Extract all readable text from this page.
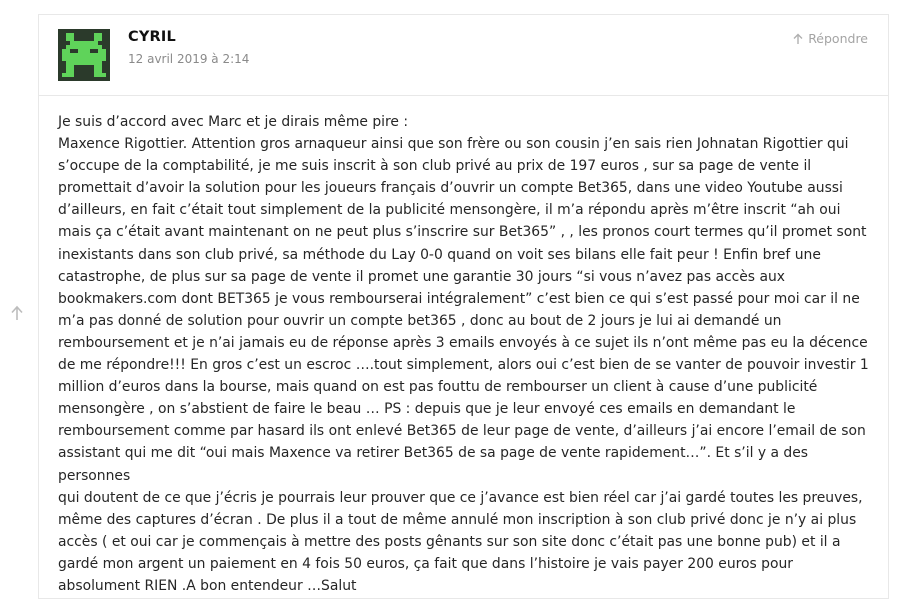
CYRIL
12 avril 2019 à 2:14
Répondre

Je suis d’accord avec Marc et je dirais même pire :

Maxence Rigottier. Attention gros arnaqueur ainsi que son frère ou son cousin j’en sais rien Johnatan Rigottier qui

s’occupe de la comptabilité, je me suis inscrit à son club privé au prix de 197 euros , sur sa page de vente il

promettait d’avoir la solution pour les joueurs français d’ouvrir un compte Bet365, dans une video Youtube aussi

d’ailleurs, en fait c’était tout simplement de la publicité mensongère, il m’a répondu après m’être inscrit “ah oui

mais ça c’était avant maintenant on ne peut plus s’inscrire sur Bet365” , , les pronos court termes qu’il promet sont

inexistants dans son club privé, sa méthode du Lay 0-0 quand on voit ses bilans elle fait peur ! Enfin bref une

catastrophe, de plus sur sa page de vente il promet une garantie 30 jours “si vous n’avez pas accès aux

bookmakers.com dont BET365 je vous rembourserai intégralement” c’est bien ce qui s’est passé pour moi car il ne

m’a pas donné de solution pour ouvrir un compte bet365 , donc au bout de 2 jours je lui ai demandé un

remboursement et je n’ai jamais eu de réponse après 3 emails envoyés à ce sujet ils n’ont même pas eu la décence

de me répondre!!! En gros c’est un escroc ….tout simplement, alors oui c’est bien de se vanter de pouvoir investir 1

million d’euros dans la bourse, mais quand on est pas fouttu de rembourser un client à cause d’une publicité

mensongère , on s’abstient de faire le beau … PS : depuis que je leur envoyé ces emails en demandant le

remboursement comme par hasard ils ont enlevé Bet365 de leur page de vente, d’ailleurs j’ai encore l’email de son

assistant qui me dit “oui mais Maxence va retirer Bet365 de sa page de vente rapidement…”. Et s’il y a des personnes

qui doutent de ce que j’écris je pourrais leur prouver que ce j’avance est bien réel car j’ai gardé toutes les preuves,

même des captures d’écran . De plus il a tout de même annulé mon inscription à son club privé donc je n’y ai plus

accès ( et oui car je commençais à mettre des posts gênants sur son site donc c’était pas une bonne pub) et il a

gardé mon argent un paiement en 4 fois 50 euros, ça fait que dans l’histoire je vais payer 200 euros pour

absolument RIEN .A bon entendeur …Salut
